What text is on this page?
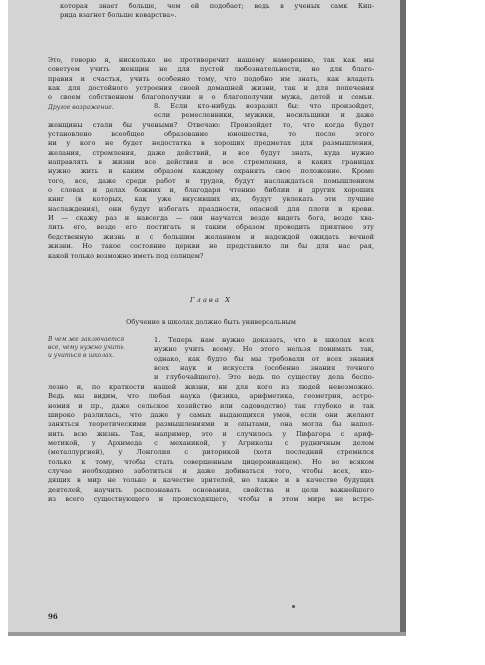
которая знает больше, чем ей подобает; ведь в ученых самк Кип-
рида взагнет больше коварства».
Это, говорю я, нисколько не противоречит нашему намерению, так как мы
советуем учить женщин не для пустой любознательности, но для благо-
правия и счастья, учить особенно тому, что подобно им знать, как владеть
как для достойного устроения своей домашней жизни, так и для попечения
о своем собственном благополучии и о благополучии мужа, детей и семьи.
Другое возражение.	8. Если кто-нибудь возразил бы: что произойдет,
если ремесленники, мужики, носильщики и даже
женщины стали бы учеными? Отвечаю: Произойдет то, что когда будет
установлено всеобщее образование юношества, то после этого
ни у кого не будет недостатка в хороших предметах для размышления,
желания, стремления, даже действий, и все будут знать, куда нужно
направлять в жизни все действия и все стремления, в каких границах
нужно жить и каким образом каждому охранять свое положение. Кроме
того, все, даже среди работ и трудов, будут наслаждаться помышлением
о словах и делах божиих и, благодаря чтению библии и других хороших
книг (в которых, как уже вкусивших их, будут увлекать эти лучшие
наслаждения), они будут избегать праздности, опасной для плоти и крови.
И — скажу раз и навсегда — они научатся везде видеть бога, везде хва-
лить его, везде его постигать и таким образом проводить приятнее эту
бедственную жизнь и с большим желанием и надеждой ожидать вечной
жизни. Но такое состояние церкви не представило ли бы для нас рая,
какой только возможно иметь под солнцем?
Глава X
Обучение в школах должно быть универсальным
В чем же заключается все, чему нужно учить и учиться в школах.
1. Теперь нам нужно доказать, что в школах всех
нужно учить всему. Но этого нельзя понимать так,
однако, как будто бы мы требовали от всех знания
всех наук и искусств (особенно знания точного
и глубочайшего). Это ведь по существу дела беспо-
лезно и, по краткости нашей жизни, ни для кого из людей невозможно.
Ведь мы видим, что любая наука (физика, арифметика, геометрия, астро-
номия и пр., даже сельское хозяйство или садоводство) так глубоко и так
широко разлилась, что даже у самых выдающихся умов, если они желают
заняться теоретическими размышлениями и опытами, она могла бы напол-
нить всю жизнь. Так, например, это и случилось у Пифагора с ариф-
метикой, у Архимеда с механикой, у Агриколы с рудничным делом
(металлургией), у Лонголия с риторикой (хотя последний стремился
только к тому, чтобы стать совершенным цицеронианцем). Но во всяком
случае необходимо заботиться и даже добиваться того, чтобы всех, вхо-
дящих в мир не только в качестве зрителей, но также и в качестве будущих
деятелей, научить распознавать основания, свойства и цели важнейшего
из всего существующего и происходящего, чтобы в этом мире не встре-
96
